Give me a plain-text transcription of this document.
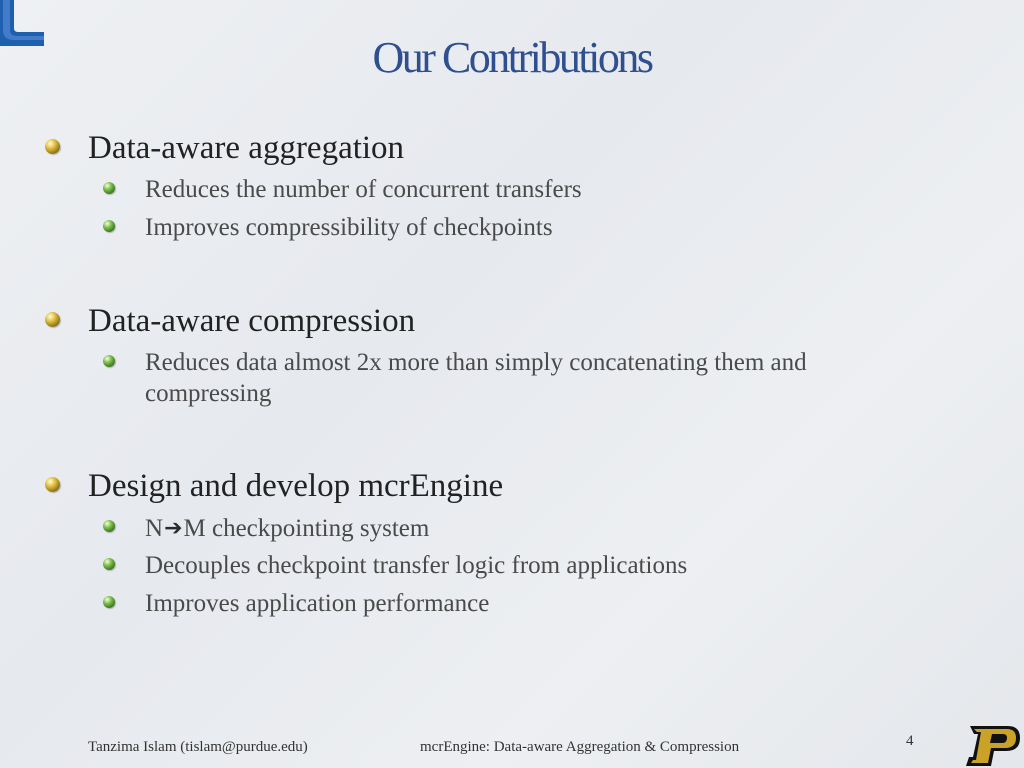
Our Contributions
Data-aware aggregation
Reduces the number of concurrent transfers
Improves compressibility of checkpoints
Data-aware compression
Reduces data almost 2x more than simply concatenating them and compressing
Design and develop mcrEngine
N➔M checkpointing system
Decouples checkpoint transfer logic from applications
Improves application performance
Tanzima Islam (tislam@purdue.edu)	mcrEngine: Data-aware Aggregation & Compression	4
